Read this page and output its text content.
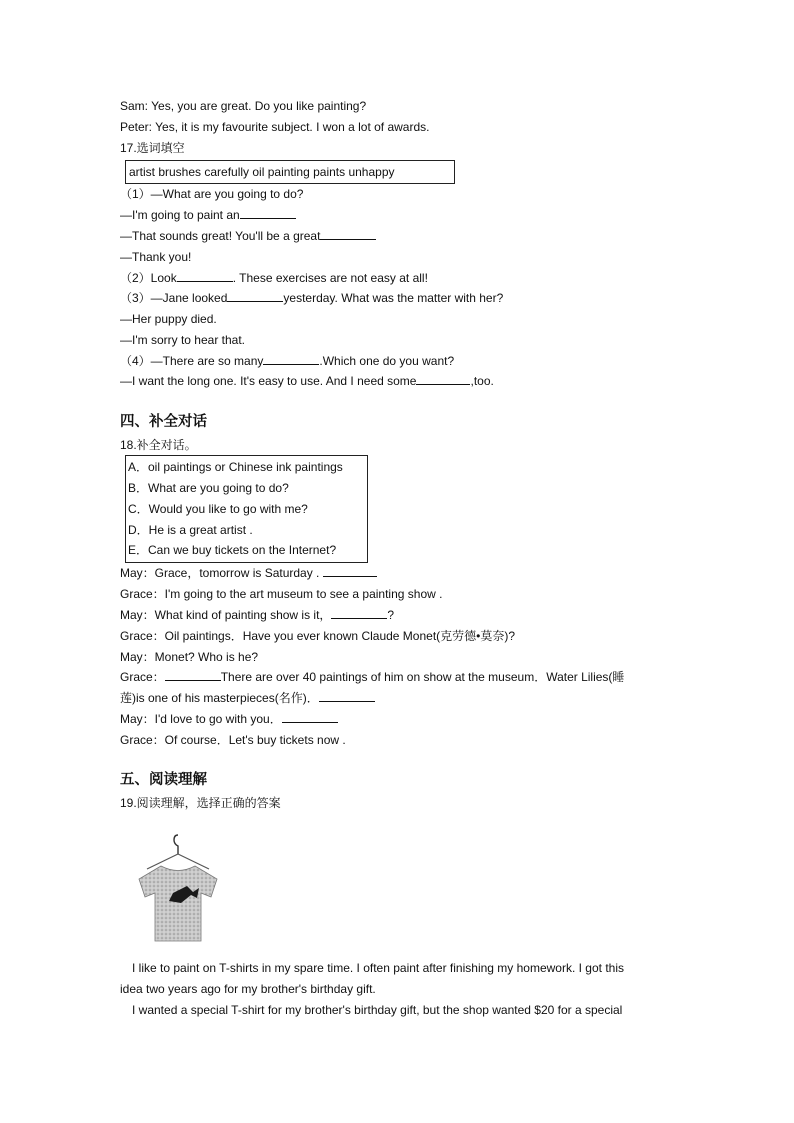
Sam: Yes, you are great. Do you like painting?
Peter: Yes, it is my favourite subject. I won a lot of awards.
17.选词填空
artist brushes carefully oil painting paints unhappy
（1）—What are you going to do?
—I'm going to paint an
—That sounds great! You'll be a great
—Thank you!
（2）Look	. These exercises are not easy at all!
（3）—Jane looked	yesterday. What was the matter with her?
—Her puppy died.
—I'm sorry to hear that.
（4）—There are so many	.Which one do you want?
—I want the long one. It's easy to use. And I need some	,too.
四、补全对话
18.补全对话。
A．oil paintings or Chinese ink paintings
B．What are you going to do?
C．Would you like to go with me?
D．He is a great artist .
E．Can we buy tickets on the Internet?
May：Grace，tomorrow is Saturday .
Grace：I'm going to the art museum to see a painting show .
May：What kind of painting show is it，	?
Grace：Oil paintings．Have you ever known Claude Monet(克劳德•莫奈)?
May：Monet? Who is he?
Grace：	There are over 40 paintings of him on show at the museum．Water Lilies(睡
莲)is one of his masterpieces(名作)．
May：I'd love to go with you．
Grace：Of course．Let's buy tickets now .
五、阅读理解
19.阅读理解，选择正确的答案
I like to paint on T-shirts in my spare time. I often paint after finishing my homework. I got this
idea two years ago for my brother's birthday gift.
I wanted a special T-shirt for my brother's birthday gift, but the shop wanted $20 for a special
